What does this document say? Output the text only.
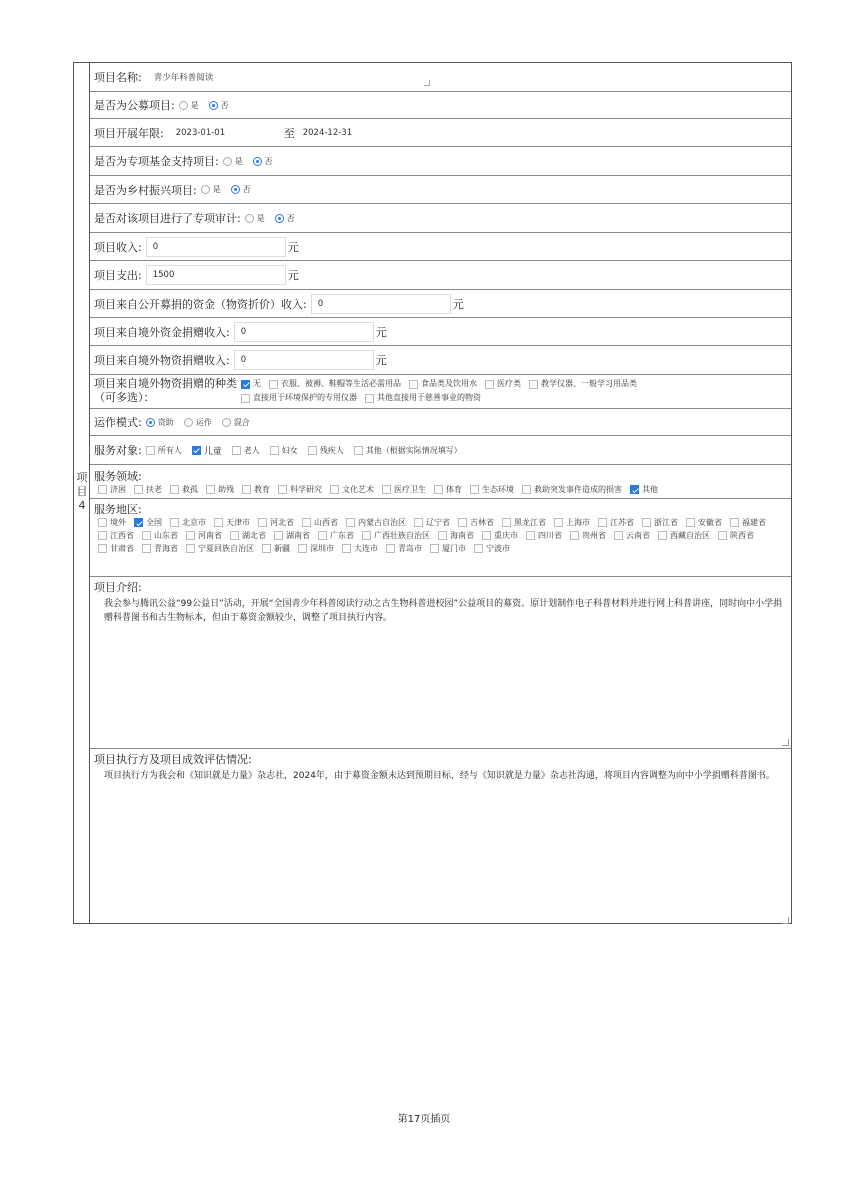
项目4
项目名称: 青少年科普阅读
是否为公募项目: 是	否
项目开展年限: 2023-01-01	至 2024-12-31
是否为专项基金支持项目: 是	否
是否为乡村振兴项目: 是	否
是否对该项目进行了专项审计: 是	否
项目收入:	0	元
项目支出:	1500	元
项目来自公开募捐的资金（物资折价）收入:	0	元
项目来自境外资金捐赠收入:	0	元
项目来自境外物资捐赠收入:	0	元
项目来自境外物资捐赠的种类
（可多选）：
无	衣服、被褥、鞋帽等生活必需用品	食品类及饮用水	医疗类	教学仪器、一般学习用品类
直接用于环境保护的专用仪器	其他直接用于慈善事业的物资
运作模式: 资助	运作	混合
服务对象: 所有人 儿童	老人	妇女	残疾人	其他（根据实际情况填写）
服务领域:
济困	扶老	救孤	助残	教育	科学研究	文化艺术	医疗卫生	体育	生态环境	救助突发事件造成的损害	其他
服务地区:
境外	全国	北京市	天津市	河北省	山西省	内蒙古自治区	辽宁省	吉林省	黑龙江省	上海市	江苏省	浙江省	安徽省	福建省
江西省	山东省	河南省	湖北省	湖南省	广东省	广西壮族自治区	海南省	重庆市	四川省	贵州省	云南省	西藏自治区	陕西省
甘肃省	青海省	宁夏回族自治区	新疆	深圳市	大连市	青岛市	厦门市	宁波市
项目介绍:
我会参与腾讯公益“99公益日”活动，开展“全国青少年科普阅读行动之古生物科普进校园”公益项目的募资。原计划制作电子科普材料并进行网上科普讲座，同时向中小学捐赠科普图书和古生物标本，但由于募资金额较少，调整了项目执行内容。
项目执行方及项目成效评估情况:
项目执行方为我会和《知识就是力量》杂志社，2024年，由于募资金额未达到预期目标，经与《知识就是力量》杂志社沟通，将项目内容调整为向中小学捐赠科普图书。
第17页插页
